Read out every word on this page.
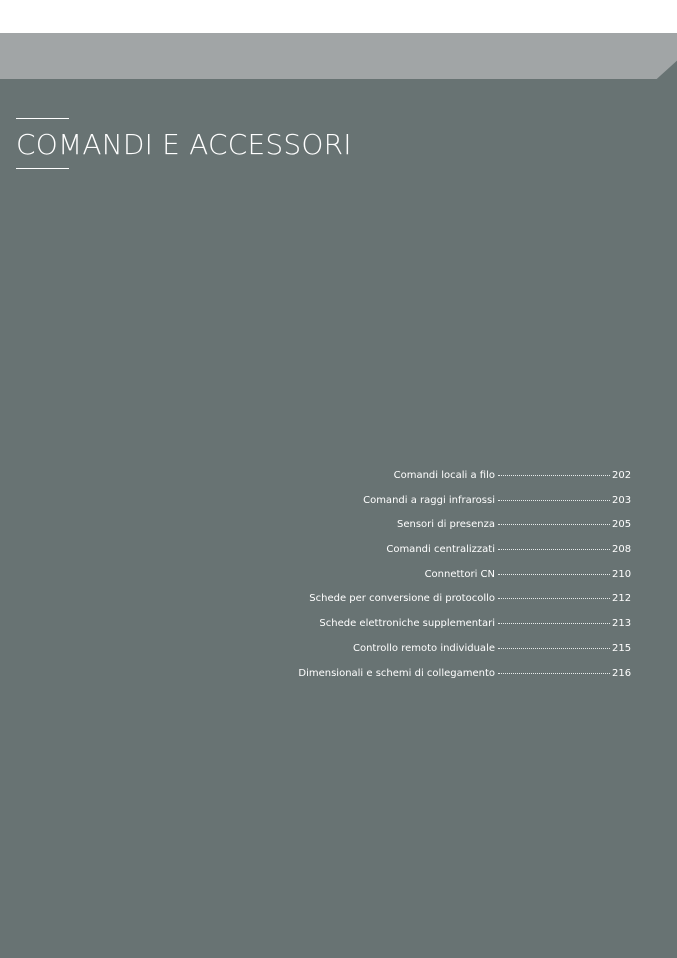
COMANDI E ACCESSORI
Comandi locali a filo	202
Comandi a raggi infrarossi	203
Sensori di presenza	205
Comandi centralizzati	208
Connettori CN	210
Schede per conversione di protocollo	212
Schede elettroniche supplementari	213
Controllo remoto individuale	215
Dimensionali e schemi di collegamento	216
